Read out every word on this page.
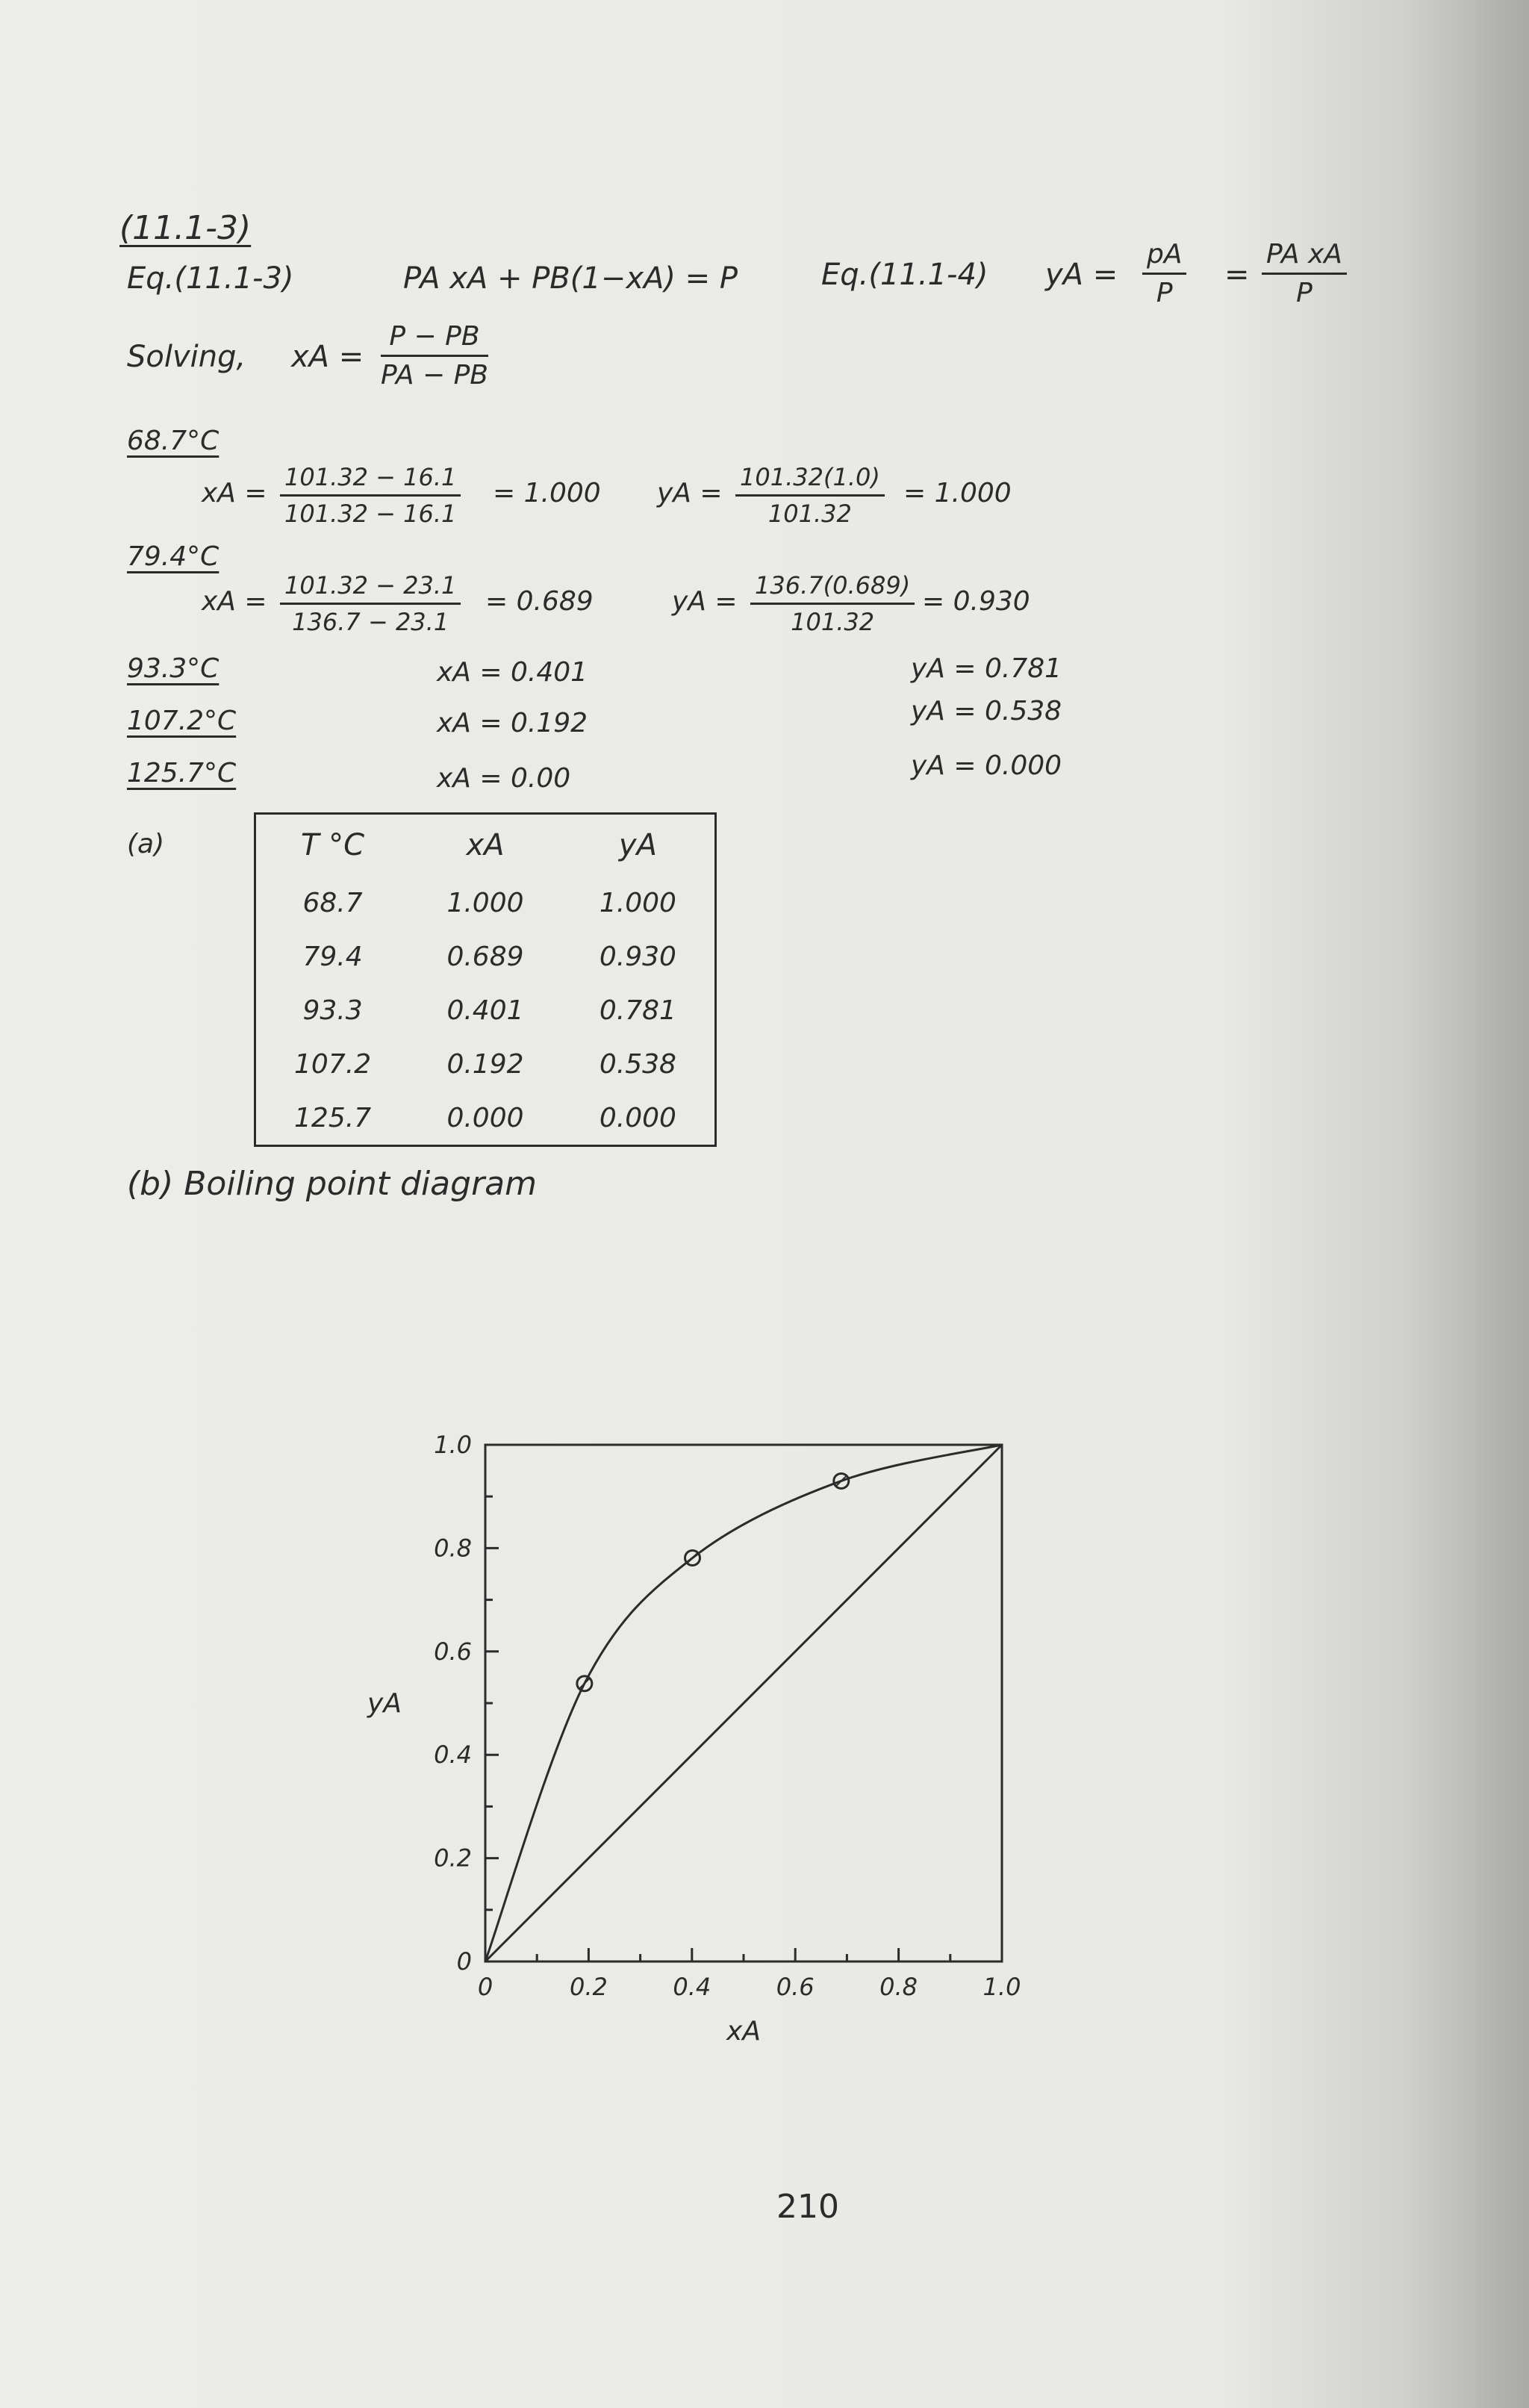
(11.1-3)
Eq.(11.1-3)	PA xA + PB(1−xA) = P	Eq.(11.1-4) yA = $\frac{pA}{P} = \frac{\text{PA xA}}{P}$
Solving, xA = $\frac{P - PB}{PA - PB}$
68.7°C
xA = $\frac{101.32 - 16.1}{101.32 - 16.1} = 1.000$ yA = $\frac{101.32(1.0)}{101.32} = 1.000$
79.4°C
xA = $\frac{101.32 - 23.1}{136.7 - 23.1} = 0.689$	yA = $\frac{136.7(0.689)}{101.32} = 0.930$
93.3°C	xA = 0.401	yA = 0.781
107.2°C	xA = 0.192	yA = 0.538
125.7°C	xA = 0.00	yA = 0.000
(a)	T °C	xA	yA
68.7	1.000	1.000
79.4	0.689	0.930
93.3	0.401	0.781
107.2	0.192	0.538
125.7	0.000	0.000
(b) Boiling point diagram
0	0.2	0.4	0.6	0.8	1.0
0
0.2
0.4
0.6
0.8
1.0
xA
yA
210
